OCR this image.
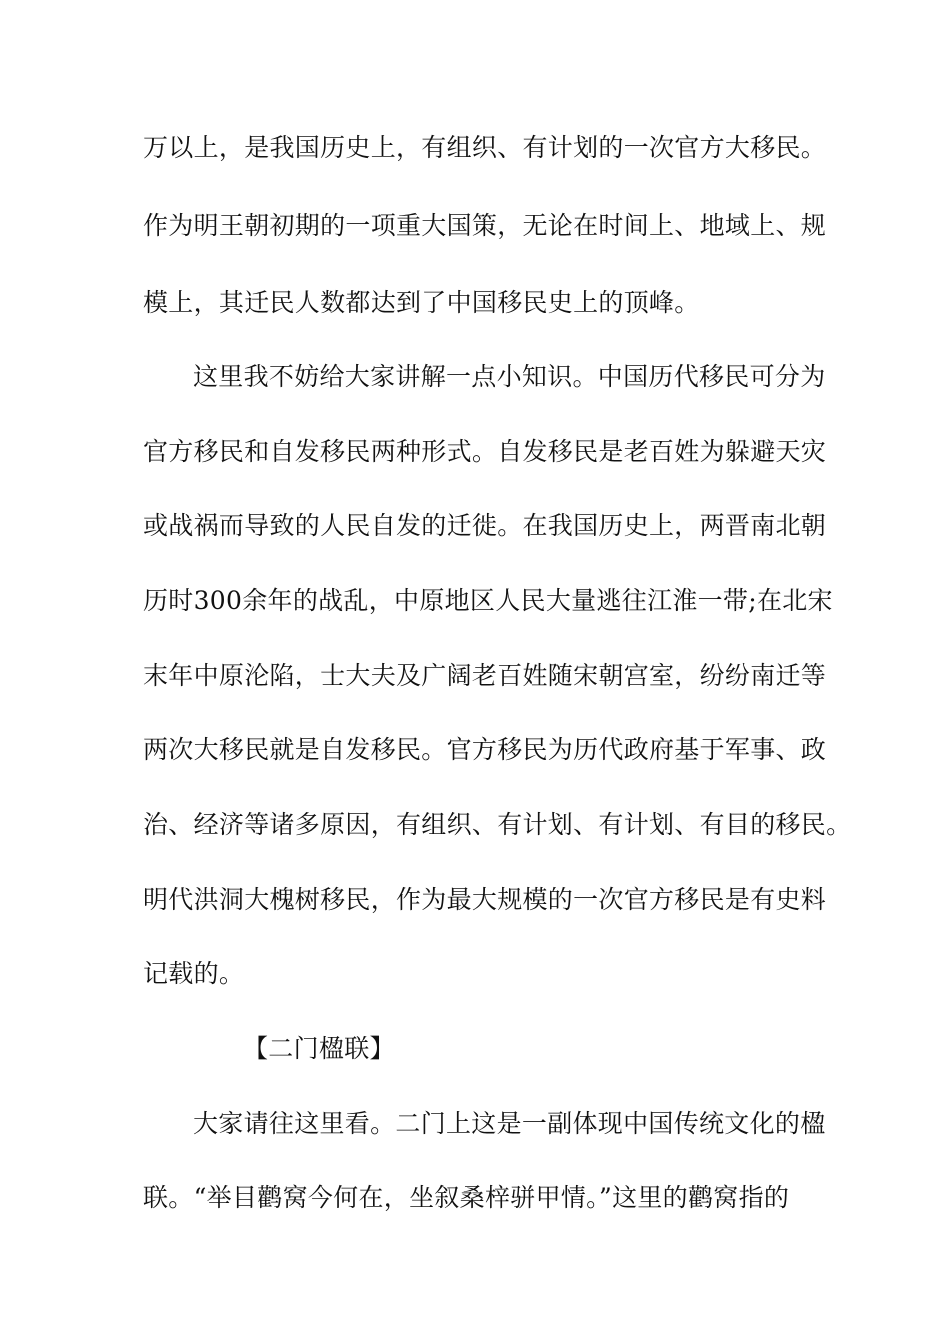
万以上，是我国历史上，有组织、有计划的一次官方大移民。
作为明王朝初期的一项重大国策，无论在时间上、地域上、规
模上，其迁民人数都达到了中国移民史上的顶峰。
这里我不妨给大家讲解一点小知识。中国历代移民可分为
官方移民和自发移民两种形式。自发移民是老百姓为躲避天灾
或战祸而导致的人民自发的迁徙。在我国历史上，两晋南北朝
历时300余年的战乱，中原地区人民大量逃往江淮一带;在北宋
末年中原沦陷，士大夫及广阔老百姓随宋朝宫室，纷纷南迁等
两次大移民就是自发移民。官方移民为历代政府基于军事、政
治、经济等诸多原因，有组织、有计划、有计划、有目的移民。
明代洪洞大槐树移民，作为最大规模的一次官方移民是有史料
记载的。
【二门楹联】
大家请往这里看。二门上这是一副体现中国传统文化的楹
联。“举目鹳窝今何在，坐叙桑梓骈甲情。”这里的鹳窝指的
